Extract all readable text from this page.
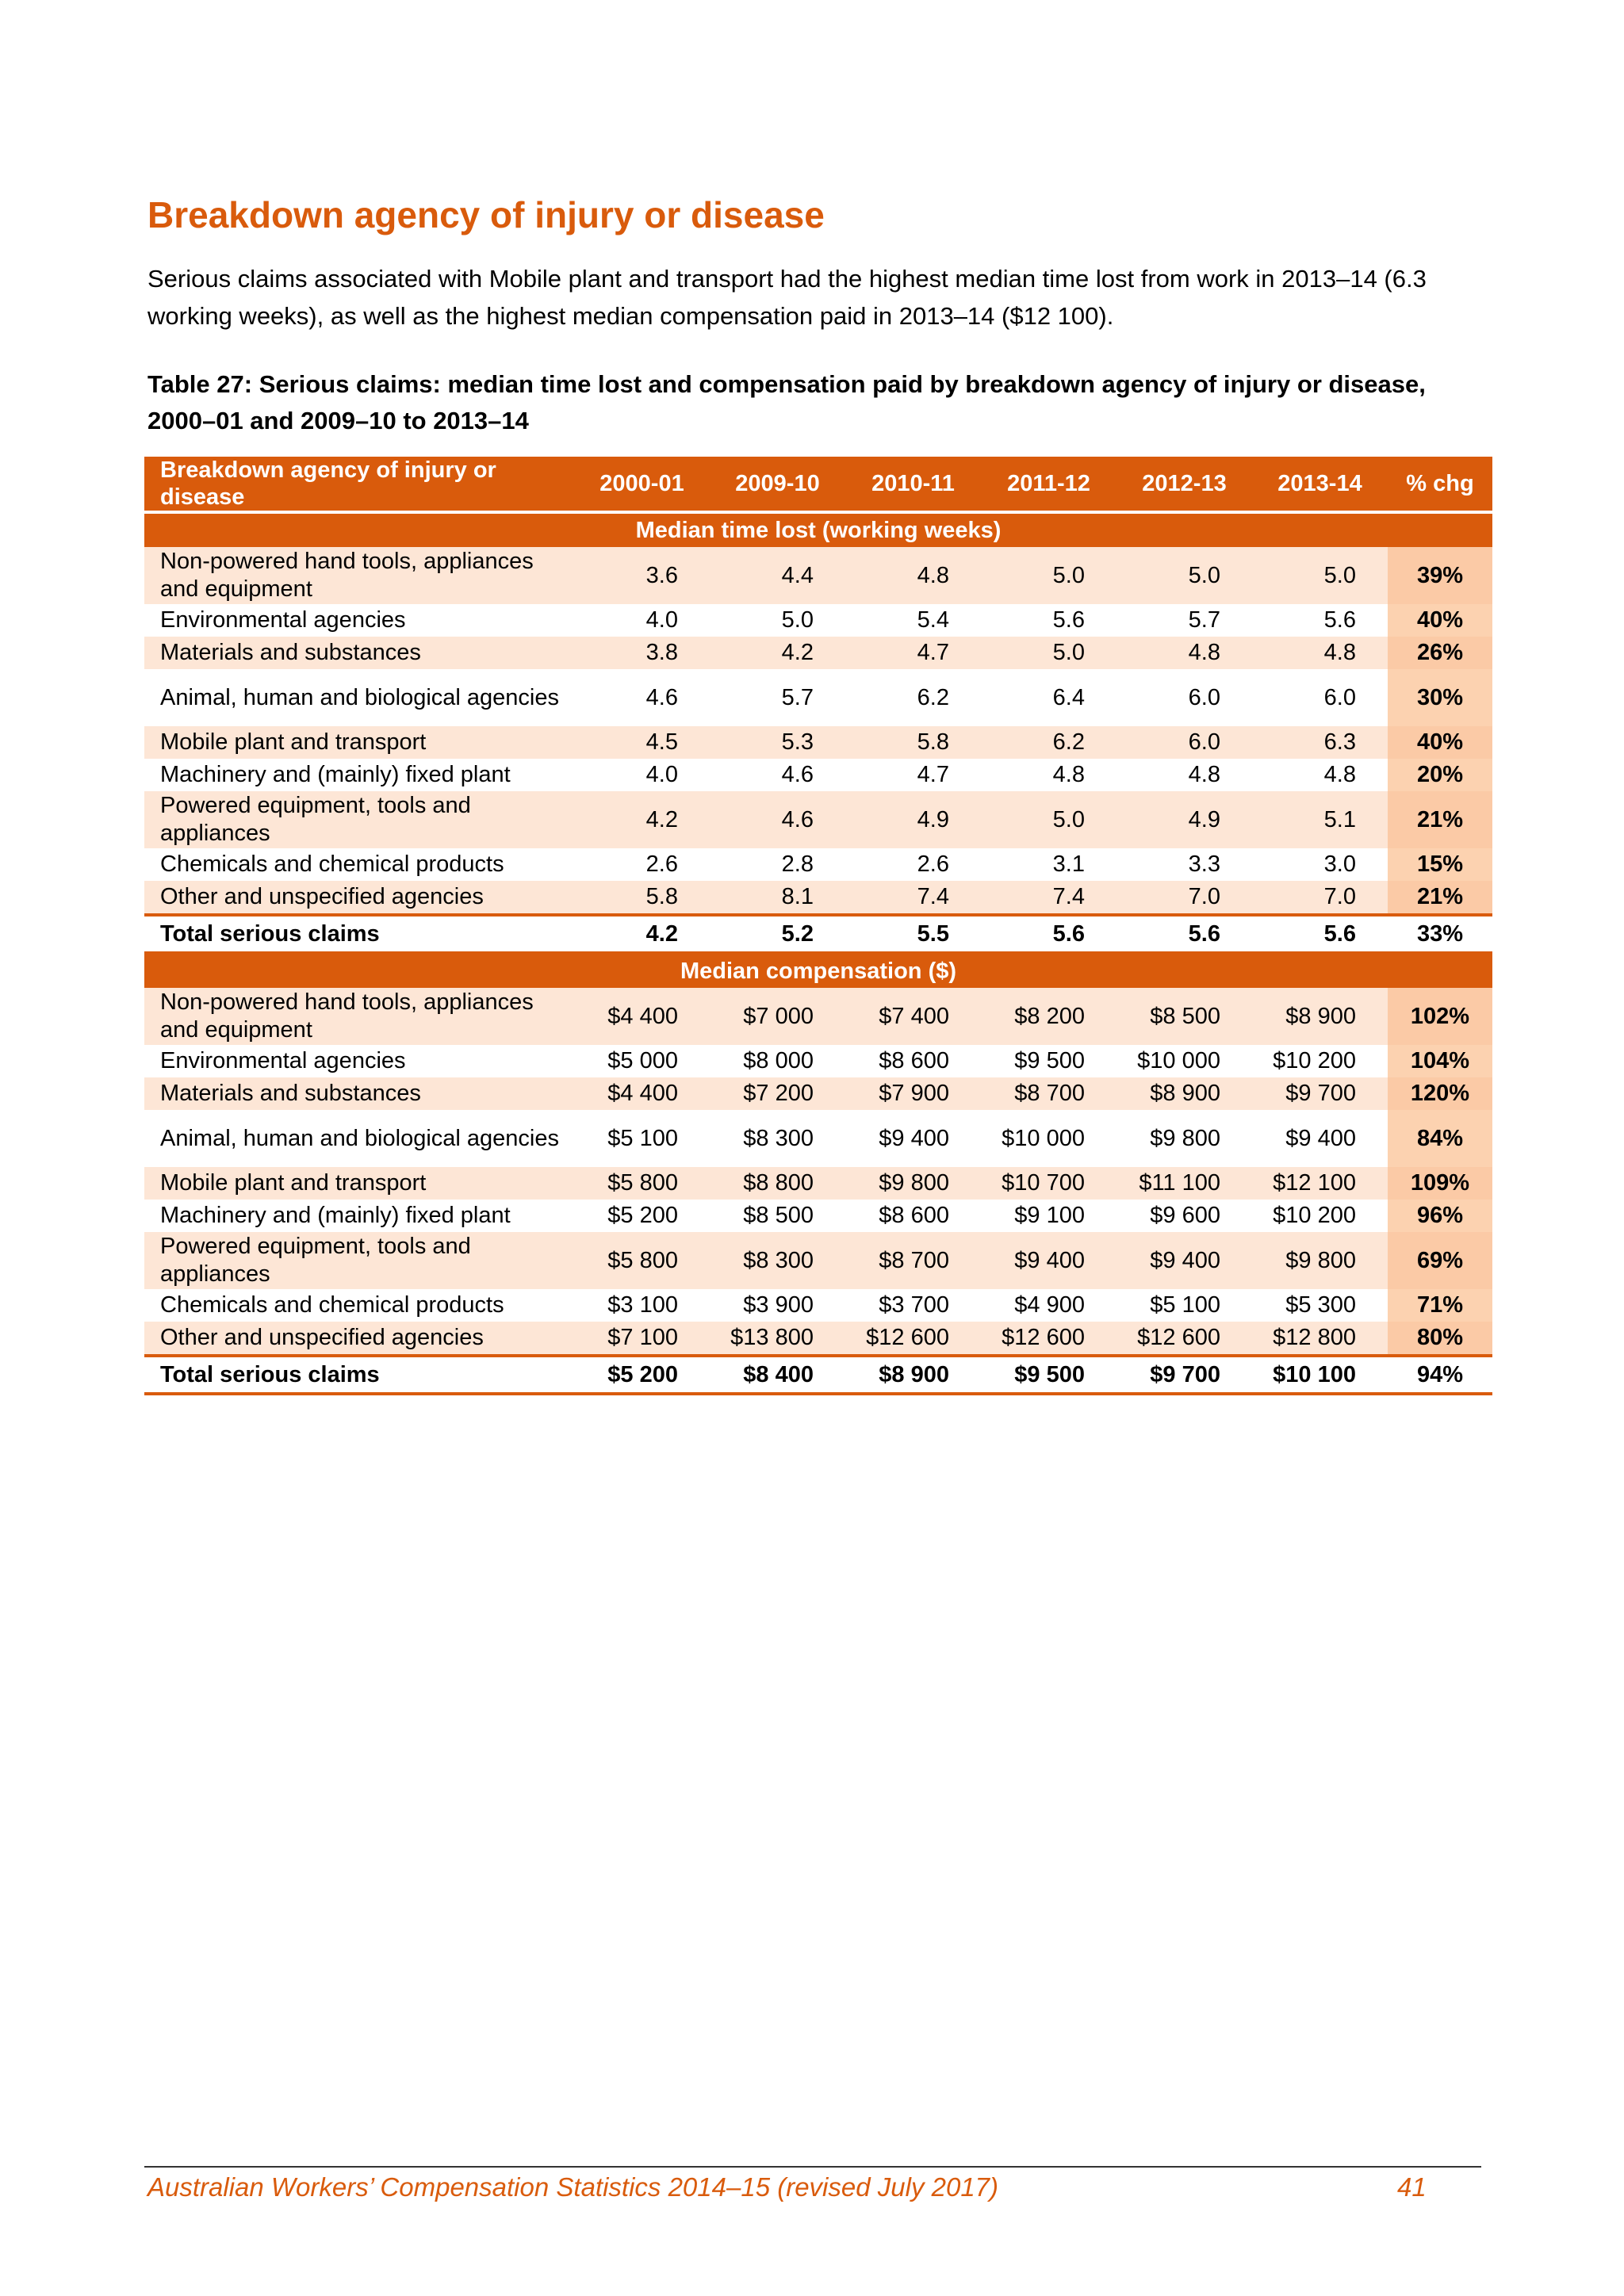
Breakdown agency of injury or disease

Serious claims associated with Mobile plant and transport had the highest median time lost from work in 2013–14 (6.3 working weeks), as well as the highest median compensation paid in 2013–14 ($12 100).

Table 27: Serious claims: median time lost and compensation paid by breakdown agency of injury or disease, 2000–01 and 2009–10 to 2013–14

Breakdown agency of injury or disease	2000-01	2009-10	2010-11	2011-12	2012-13	2013-14	% chg
Median time lost (working weeks)							
Non-powered hand tools, appliances and equipment	3.6	4.4	4.8	5.0	5.0	5.0	39%
Environmental agencies	4.0	5.0	5.4	5.6	5.7	5.6	40%
Materials and substances	3.8	4.2	4.7	5.0	4.8	4.8	26%
Animal, human and biological agencies	4.6	5.7	6.2	6.4	6.0	6.0	30%
Mobile plant and transport	4.5	5.3	5.8	6.2	6.0	6.3	40%
Machinery and (mainly) fixed plant	4.0	4.6	4.7	4.8	4.8	4.8	20%
Powered equipment, tools and appliances	4.2	4.6	4.9	5.0	4.9	5.1	21%
Chemicals and chemical products	2.6	2.8	2.6	3.1	3.3	3.0	15%
Other and unspecified agencies	5.8	8.1	7.4	7.4	7.0	7.0	21%
Total serious claims	4.2	5.2	5.5	5.6	5.6	5.6	33%
Median compensation ($)							
Non-powered hand tools, appliances and equipment	$4 400	$7 000	$7 400	$8 200	$8 500	$8 900	102%
Environmental agencies	$5 000	$8 000	$8 600	$9 500	$10 000	$10 200	104%
Materials and substances	$4 400	$7 200	$7 900	$8 700	$8 900	$9 700	120%
Animal, human and biological agencies	$5 100	$8 300	$9 400	$10 000	$9 800	$9 400	84%
Mobile plant and transport	$5 800	$8 800	$9 800	$10 700	$11 100	$12 100	109%
Machinery and (mainly) fixed plant	$5 200	$8 500	$8 600	$9 100	$9 600	$10 200	96%
Powered equipment, tools and appliances	$5 800	$8 300	$8 700	$9 400	$9 400	$9 800	69%
Chemicals and chemical products	$3 100	$3 900	$3 700	$4 900	$5 100	$5 300	71%
Other and unspecified agencies	$7 100	$13 800	$12 600	$12 600	$12 600	$12 800	80%
Total serious claims	$5 200	$8 400	$8 900	$9 500	$9 700	$10 100	94%
Australian Workers’ Compensation Statistics 2014–15 (revised July 2017)	41
